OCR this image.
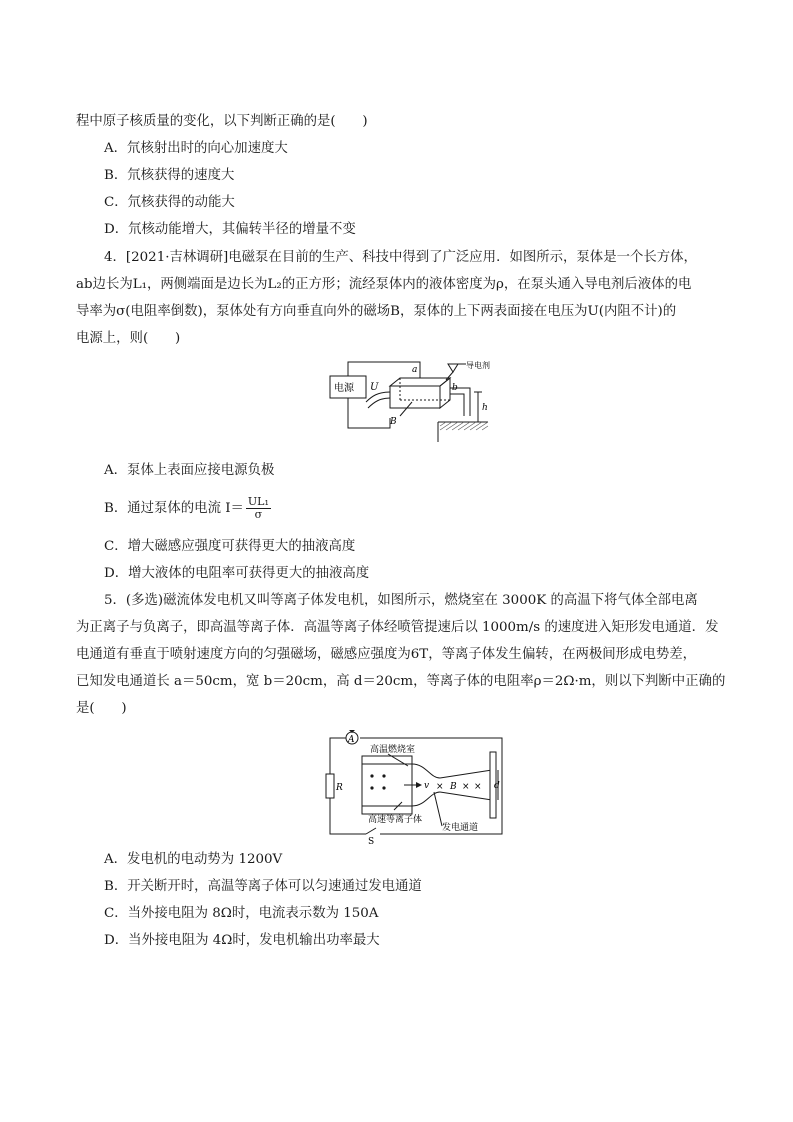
程中原子核质量的变化，以下判断正确的是(　　)
A．氘核射出时的向心加速度大
B．氘核获得的速度大
C．氘核获得的动能大
D．氘核动能增大，其偏转半径的增量不变
4．[2021·吉林调研]电磁泵在目前的生产、科技中得到了广泛应用．如图所示，泵体是一个长方体，
ab边长为L₁，两侧端面是边长为L₂的正方形；流经泵体内的液体密度为ρ，在泵头通入导电剂后液体的电
导率为σ(电阻率倒数)，泵体处有方向垂直向外的磁场B，泵体的上下两表面接在电压为U(内阻不计)的
电源上，则(　　)
电源 U
a
b
B
h
导电剂
A．泵体上表面应接电源负极
B．通过泵体的电流 $I= \frac{\text{UL₁}}{\sigma}$
C．增大磁感应强度可获得更大的抽液高度
D．增大液体的电阻率可获得更大的抽液高度
5．(多选)磁流体发电机又叫等离子体发电机，如图所示，燃烧室在 3000K 的高温下将气体全部电离
为正离子与负离子，即高温等离子体．高温等离子体经喷管提速后以 1000m/s 的速度进入矩形发电通道．发
电通道有垂直于喷射速度方向的匀强磁场，磁感应强度为6T，等离子体发生偏转，在两极间形成电势差，
已知发电通道长 a＝50cm，宽 b＝20cm，高 d＝20cm，等离子体的电阻率ρ＝2Ω·m，则以下判断中正确的
是(　　)
A
R
S
高温燃烧室
高速等离子体
发电通道
v × B × × d
A．发电机的电动势为 1200V
B．开关断开时，高温等离子体可以匀速通过发电通道
C．当外接电阻为 8Ω时，电流表示数为 150A
D．当外接电阻为 4Ω时，发电机输出功率最大
